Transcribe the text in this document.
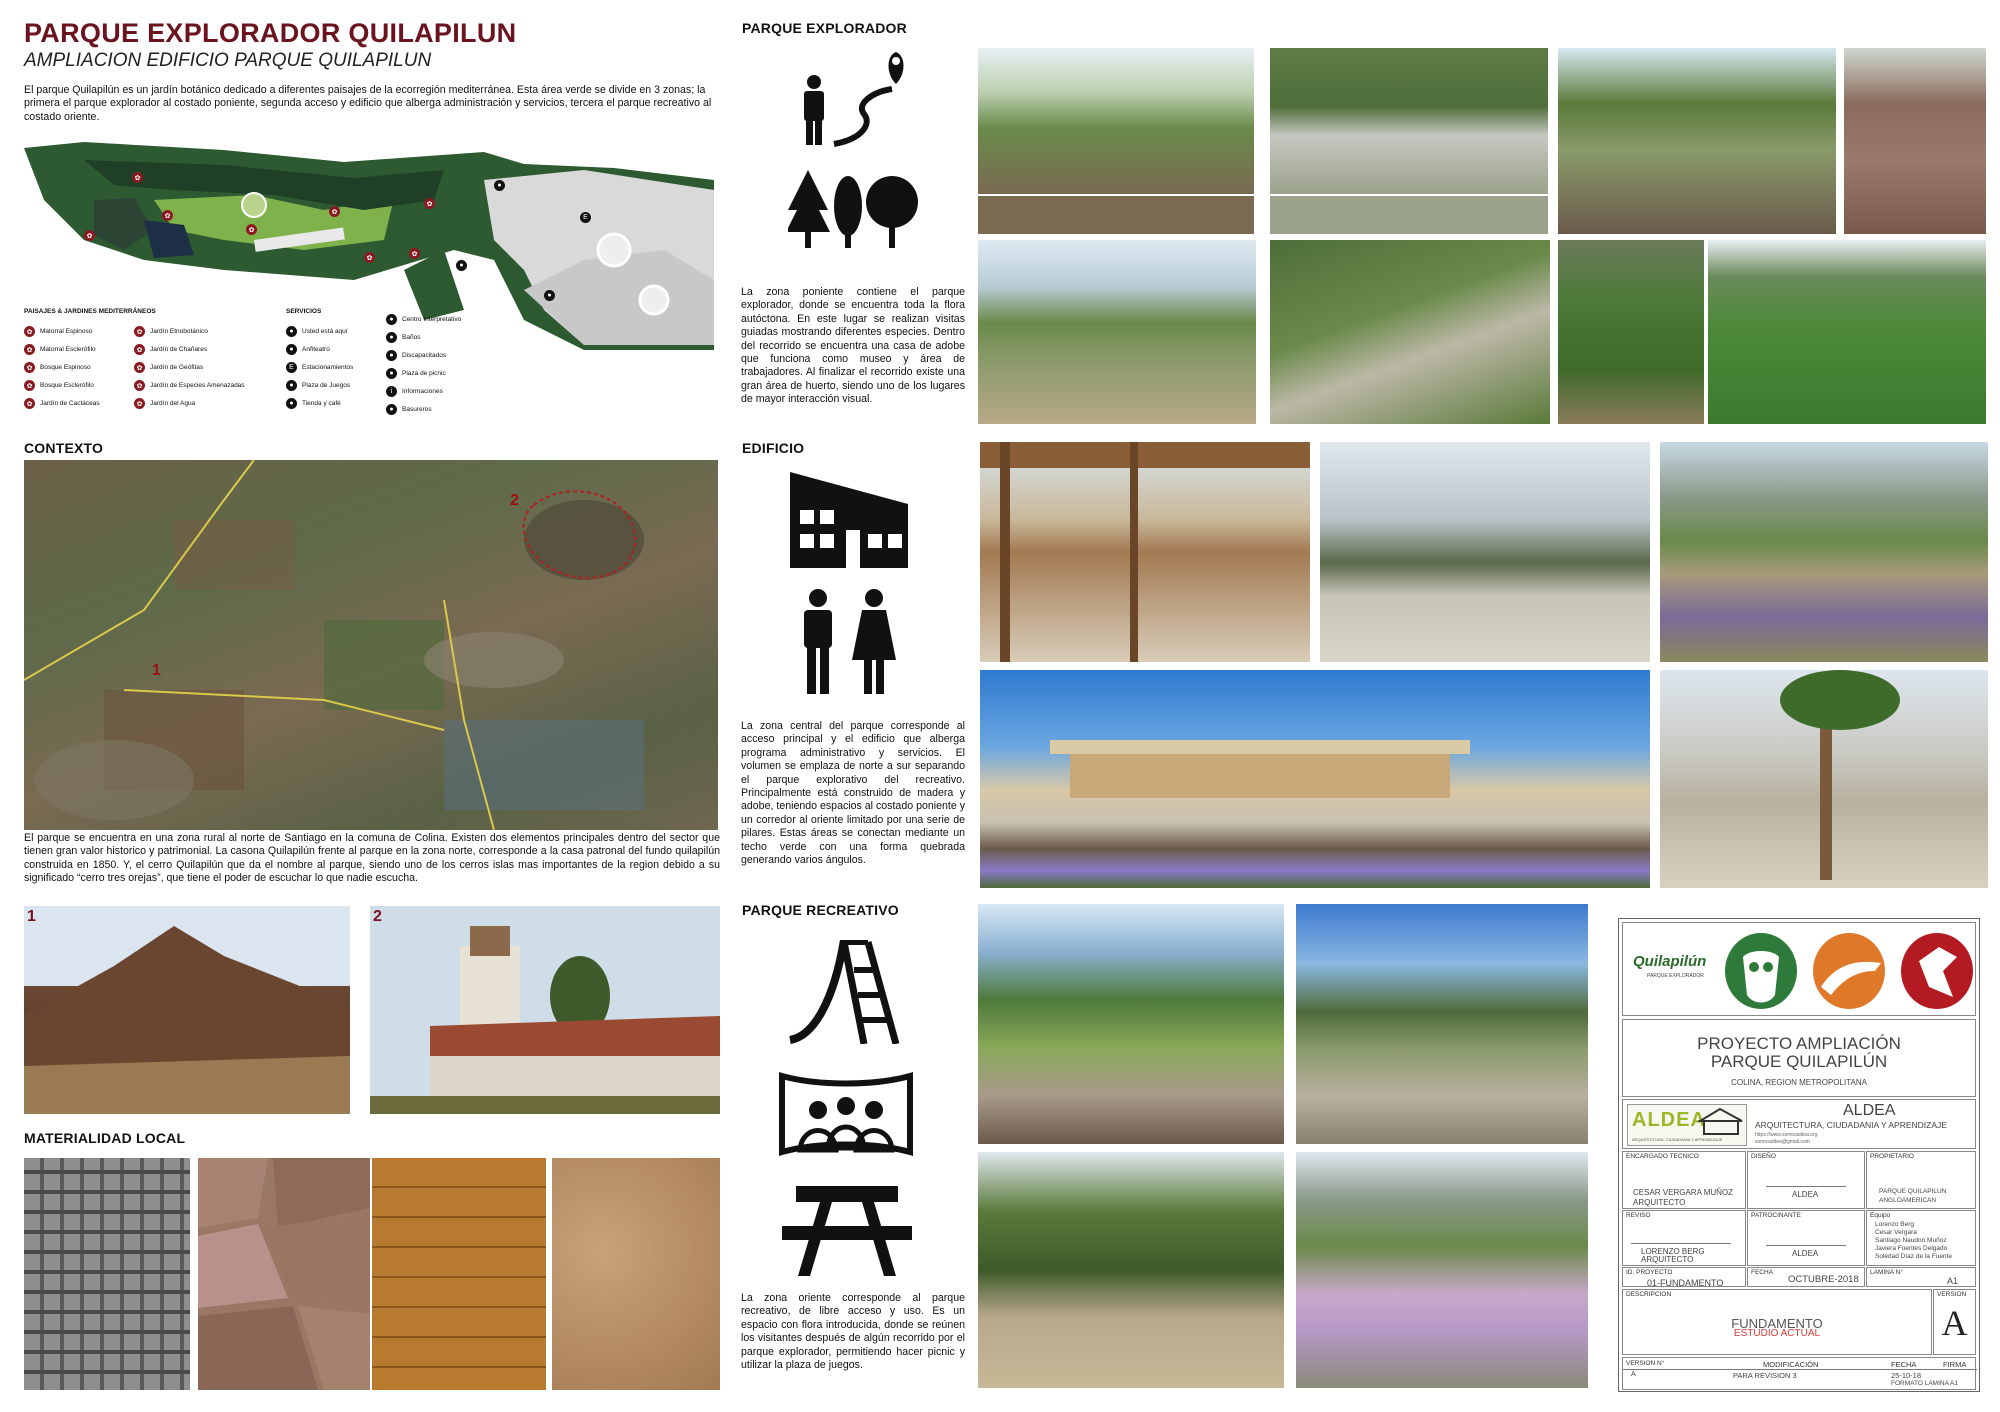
PARQUE EXPLORADOR QUILAPILUN
AMPLIACION EDIFICIO PARQUE QUILAPILUN
El parque Quilapilún es un jardín botánico dedicado a diferentes paisajes de la ecorregión mediterránea. Esta área verde se divide en 3 zonas; la primera el parque explorador al costado poniente, segunda acceso y edificio que alberga administración y servicios, tercera el parque recreativo al costado oriente.
✿
✿
✿
✿
✿
✿
✿
✿
●
●
●
E
PAISAJES & JARDINES MEDITERRÁNEOS
✿	Matorral Espinoso
✿	Matorral Esclerófilo
✿	Bosque Espinoso
✿	Bosque Esclerófilo
✿	Jardín de Cactáceas
✿	Jardín Etnobotánico
✿	Jardín de Chañares
✿	Jardín de Geófitas
✿	Jardín de Especies Amenazadas
✿	Jardín del Agua
SERVICIOS
●	Usted está aquí
●	Anfiteatro
E	Estacionamientos
●	Plaza de Juegos
●	Tienda y café
●	Centro Interpretativo
●	Baños
●	Discapacitados
●	Plaza de picnic
i	Informaciones
●	Basureros
CONTEXTO
1
2
El parque se encuentra en una zona rural al norte de Santiago en la comuna de Colina. Existen dos elementos principales dentro del sector que tienen gran valor historico y patrimonial. La casona Quilapilún frente al parque en la zona norte, corresponde a la casa patronal del fundo quilapilún construida en 1850. Y, el cerro Quilapilún que da el nombre al parque, siendo uno de los cerros islas mas importantes de la region debido a su significado “cerro tres orejas”, que tiene el poder de escuchar lo que nadie escucha.
1	2
MATERIALIDAD LOCAL
PARQUE EXPLORADOR
La zona poniente contiene el parque explorador, donde se encuentra toda la flora autóctona. En este lugar se realizan visitas guiadas mostrando diferentes especies. Dentro del recorrido se encuentra una casa de adobe que funciona como museo y área de trabajadores. Al finalizar el recorrido existe una gran área de huerto, siendo uno de los lugares de mayor interacción visual.
EDIFICIO
La zona central del parque corresponde al acceso principal y el edificio que alberga programa administrativo y servicios. El volumen se emplaza de norte a sur separando el parque explorativo del recreativo. Principalmente está construido de madera y adobe, teniendo espacios al costado poniente y un corredor al oriente limitado por una serie de pilares. Estas áreas se conectan mediante un techo verde con una forma quebrada generando varios ángulos.
PARQUE RECREATIVO
La zona oriente corresponde al parque recreativo, de libre acceso y uso. Es un espacio con flora introducida, donde se reúnen los visitantes después de algún recorrido por el parque explorador, permitiendo hacer picnic y utilizar la plaza de juegos.
Quilapilún
PARQUE EXPLORADOR
PROYECTO AMPLIACIÓN
PARQUE QUILAPILÚN
COLINA, REGION METROPOLITANA
ALDEA
ARQUITECTURA, CIUDADANIA Y APRENDIZAJE
ALDEA
ARQUITECTURA, CIUDADANIA Y APRENDIZAJE
https://www.somosaldea.org
somosaldea@gmail.com
ENCARGADO TECNICO
CESAR VERGARA MUÑOZ
ARQUITECTO
DISEÑO
ALDEA
PROPIETARIO
PARQUE QUILAPILUN
ANGLOAMERICAN
REVISO
LORENZO BERG
ARQUITECTO
PATROCINANTE
ALDEA
Equipo
Lorenzo Berg
Cesar Vergara
Santiago Naudon Muñoz
Javiera Fuentes Delgado
Soledad Díaz de la Fuente
ID. PROYECTO
01-FUNDAMENTO
FECHA
OCTUBRE-2018
LAMINA N°
A1
DESCRIPCION
FUNDAMENTO
ESTUDIO ACTUAL
VERSION
A
VERSION N°	MODIFICACIÓN	FECHA	FIRMA
A	PARA REVISION 3	25-10-18
FORMATO LAMINA A1
